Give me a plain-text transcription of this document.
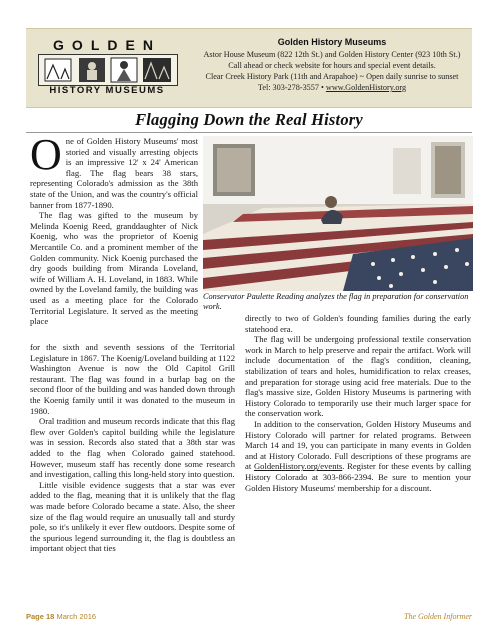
GOLDEN
HISTORY MUSEUMS
Golden History Museums
Astor House Museum (822 12th St.) and Golden History Center (923 10th St.)
Call ahead or check website for hours and special event details.
Clear Creek History Park (11th and Arapahoe) ~ Open daily sunrise to sunset
Tel: 303-278-3557 • www.GoldenHistory.org
Flagging Down the Real History
Conservator Paulette Reading analyzes the flag in preparation for conservation work.

One of Golden History Museums' most storied and visually arresting objects is an impressive 12' x 24' American flag. The flag bears 38 stars, representing Colorado's admission as the 38th state of the Union, and was the country's official banner from 1877-1890.

The flag was gifted to the museum by Melinda Koenig Reed, granddaughter of Nick Koenig, who was the proprietor of Koenig Mercantile Co. and a prominent member of the Golden community. Nick Koenig purchased the dry goods building from Miranda Loveland, wife of William A. H. Loveland, in 1883. While owned by the Loveland family, the building was used as a meeting place for the Colorado Territorial Legislature. It served as the meeting place

for the sixth and seventh sessions of the Territorial Legislature in 1867. The Koenig/Loveland building at 1122 Washington Avenue is now the Old Capitol Grill restaurant. The flag was found in a burlap bag on the second floor of the building and was handed down through the Koenig family until it was donated to the museum in 1980.

Oral tradition and museum records indicate that this flag flew over Golden's capitol building while the legislature was in session. Records also stated that a 38th star was added to the flag when Colorado gained statehood. However, museum staff has recently done some research and investigation, calling this long-held story into question.

Little visible evidence suggests that a star was ever added to the flag, meaning that it is unlikely that the flag was made before Colorado became a state. Also, the sheer size of the flag would require an unusually tall and sturdy pole, so it's unlikely it ever flew outdoors. Despite some of the spurious legend surrounding it, the flag is doubtless an important object that ties

directly to two of Golden's founding families during the early statehood era.

The flag will be undergoing professional textile conservation work in March to help preserve and repair the artifact. Work will include documentation of the flag's condition, cleaning, stabilization of tears and holes, humidification to relax creases, and preparation for storage using acid free materials. Due to the flag's massive size, Golden History Museums is partnering with History Colorado to temporarily use their much larger space for the conservation work.

In addition to the conservation, Golden History Museums and History Colorado will partner for related programs. Between March 14 and 19, you can participate in many events in Golden and at History Colorado. Full descriptions of these programs are at GoldenHistory.org/events. Register for these events by calling History Colorado at 303-866-2394. Be sure to mention your Golden History Museums' membership for a discount.

Page 18 March 2016	The Golden Informer
